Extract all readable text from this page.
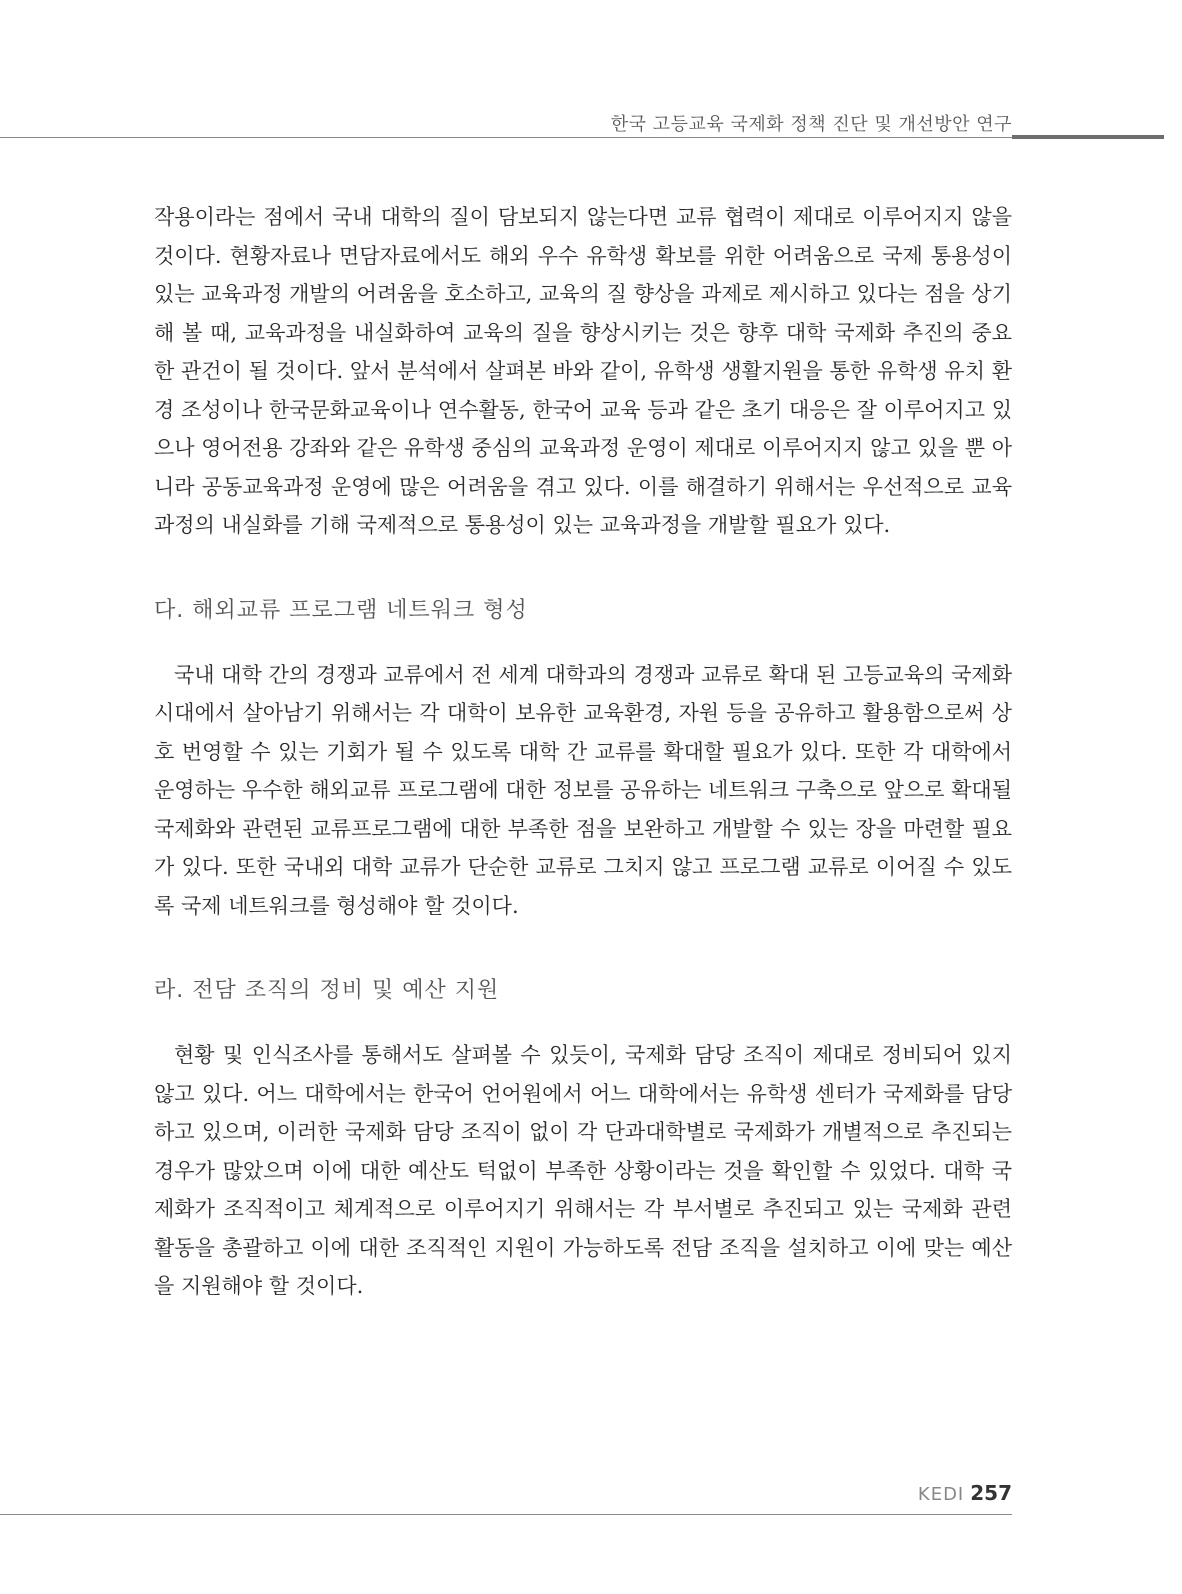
한국 고등교육 국제화 정책 진단 및 개선방안 연구

작용이라는 점에서 국내 대학의 질이 담보되지 않는다면 교류 협력이 제대로 이루어지지 않을 것이다. 현황자료나 면담자료에서도 해외 우수 유학생 확보를 위한 어려움으로 국제 통용성이 있는 교육과정 개발의 어려움을 호소하고, 교육의 질 향상을 과제로 제시하고 있다는 점을 상기해 볼 때, 교육과정을 내실화하여 교육의 질을 향상시키는 것은 향후 대학 국제화 추진의 중요한 관건이 될 것이다. 앞서 분석에서 살펴본 바와 같이, 유학생 생활지원을 통한 유학생 유치 환경 조성이나 한국문화교육이나 연수활동, 한국어 교육 등과 같은 초기 대응은 잘 이루어지고 있으나 영어전용 강좌와 같은 유학생 중심의 교육과정 운영이 제대로 이루어지지 않고 있을 뿐 아니라 공동교육과정 운영에 많은 어려움을 겪고 있다. 이를 해결하기 위해서는 우선적으로 교육과정의 내실화를 기해 국제적으로 통용성이 있는 교육과정을 개발할 필요가 있다.

다. 해외교류 프로그램 네트워크 형성

국내 대학 간의 경쟁과 교류에서 전 세계 대학과의 경쟁과 교류로 확대 된 고등교육의 국제화 시대에서 살아남기 위해서는 각 대학이 보유한 교육환경, 자원 등을 공유하고 활용함으로써 상호 번영할 수 있는 기회가 될 수 있도록 대학 간 교류를 확대할 필요가 있다. 또한 각 대학에서 운영하는 우수한 해외교류 프로그램에 대한 정보를 공유하는 네트워크 구축으로 앞으로 확대될 국제화와 관련된 교류프로그램에 대한 부족한 점을 보완하고 개발할 수 있는 장을 마련할 필요가 있다. 또한 국내외 대학 교류가 단순한 교류로 그치지 않고 프로그램 교류로 이어질 수 있도록 국제 네트워크를 형성해야 할 것이다.

라. 전담 조직의 정비 및 예산 지원

현황 및 인식조사를 통해서도 살펴볼 수 있듯이, 국제화 담당 조직이 제대로 정비되어 있지 않고 있다. 어느 대학에서는 한국어 언어원에서 어느 대학에서는 유학생 센터가 국제화를 담당하고 있으며, 이러한 국제화 담당 조직이 없이 각 단과대학별로 국제화가 개별적으로 추진되는 경우가 많았으며 이에 대한 예산도 턱없이 부족한 상황이라는 것을 확인할 수 있었다. 대학 국제화가 조직적이고 체계적으로 이루어지기 위해서는 각 부서별로 추진되고 있는 국제화 관련 활동을 총괄하고 이에 대한 조직적인 지원이 가능하도록 전담 조직을 설치하고 이에 맞는 예산을 지원해야 할 것이다.

KEDI 257
